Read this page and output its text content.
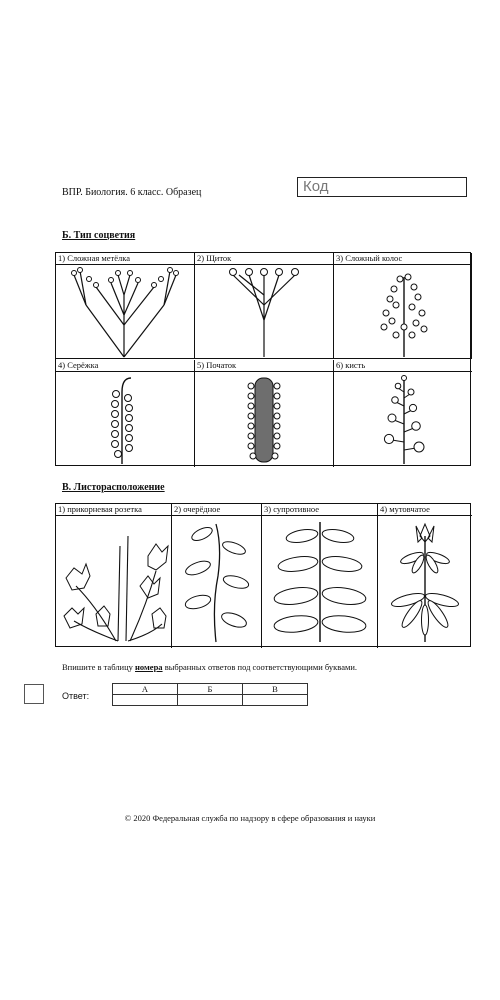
ВПР. Биология. 6 класс. Образец	Код
Б. Тип соцветия
1) Сложная метёлка	2) Щиток	3) Сложный колос
4) Серёжка	5) Початок	6) кисть
В. Листорасположение
1) прикорневая розетка	2) очерёдное	3) супротивное	4) мутовчатое
Впишите в таблицу номера выбранных ответов под соответствующими буквами.
Ответ:
А	Б	В

© 2020 Федеральная служба по надзору в сфере образования и науки
